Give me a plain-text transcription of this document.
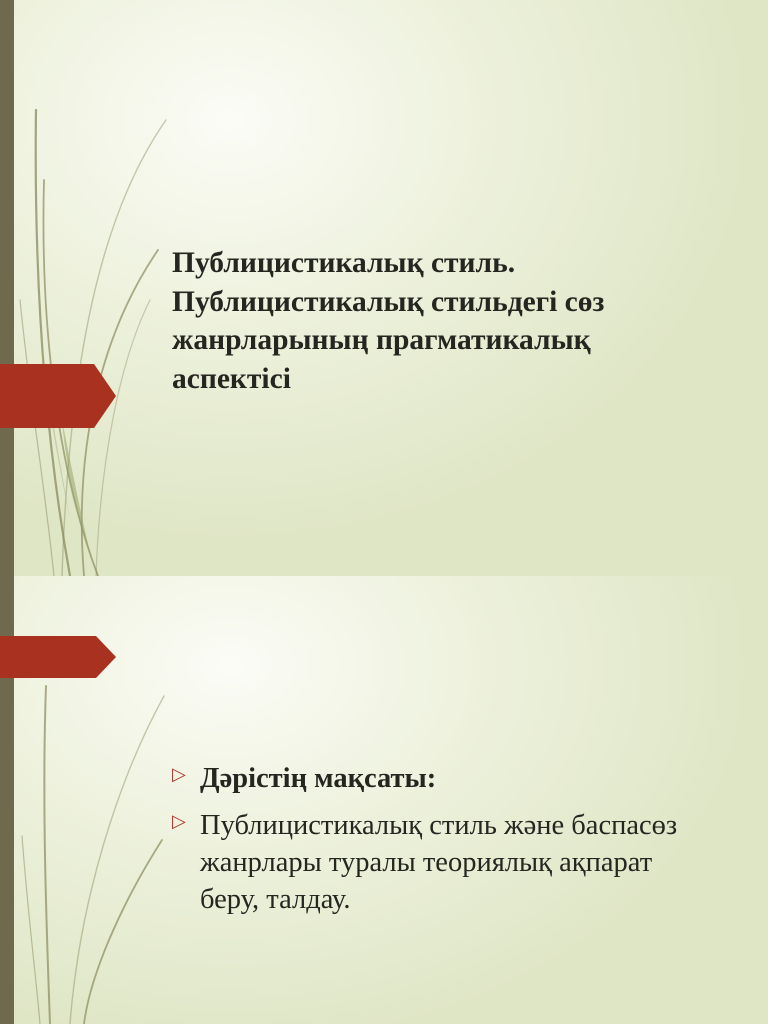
Публицистикалық стиль.
Публицистикалық стильдегі сөз
жанрларының прагматикалық
аспектісі
▷ Дәрістің мақсаты:
▷ Публицистикалық стиль және баспасөз жанрлары туралы теориялық ақпарат беру, талдау.
